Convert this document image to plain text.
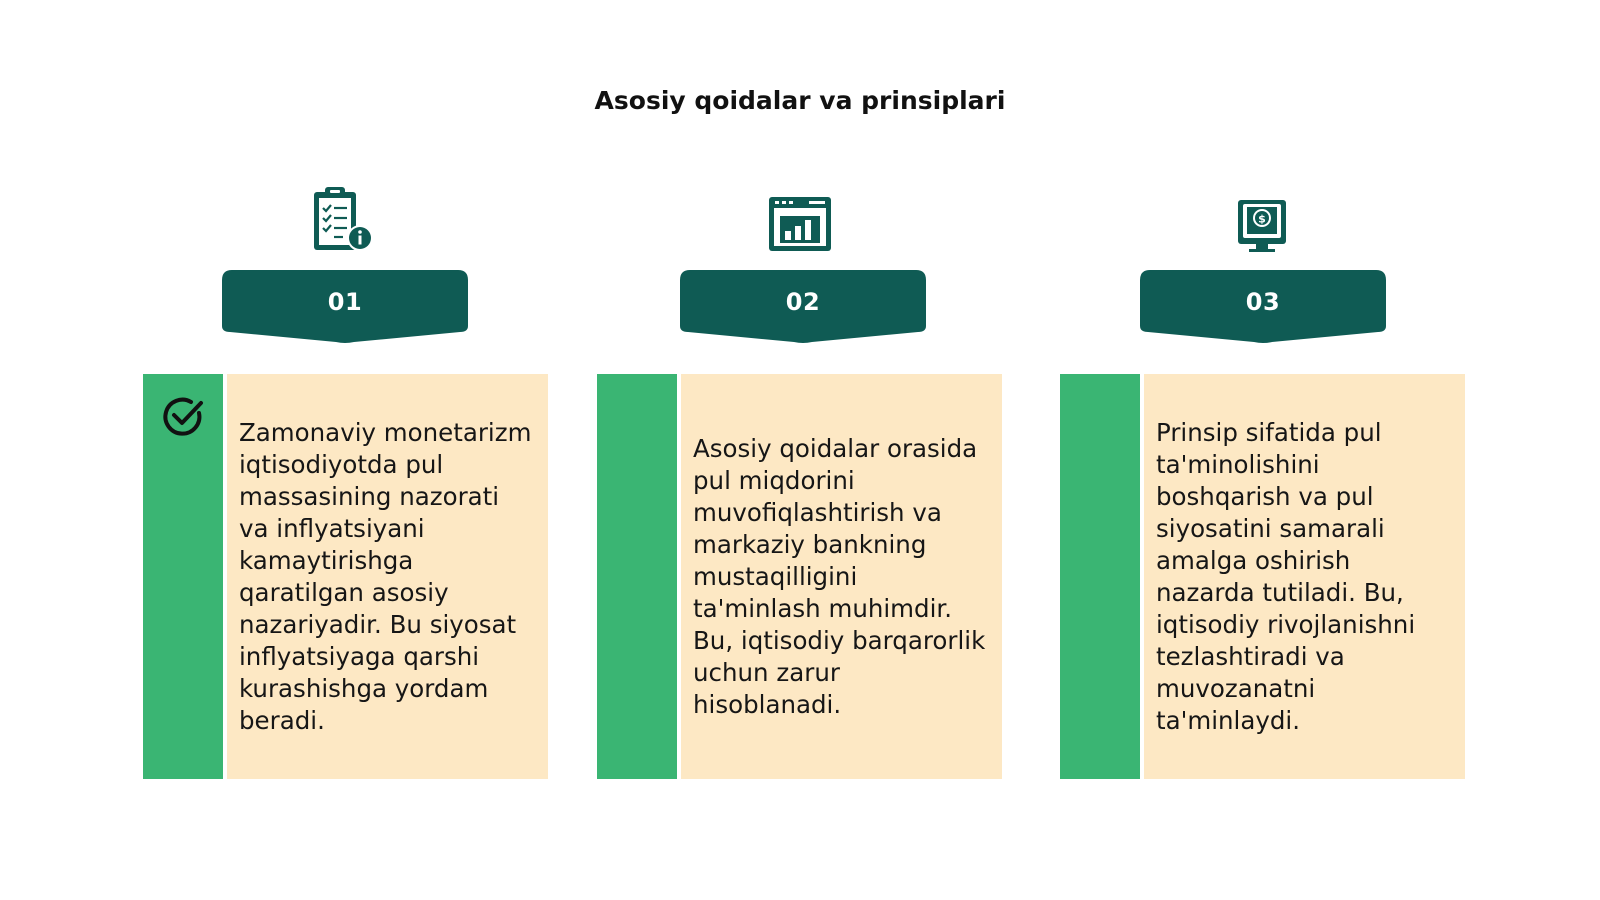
Asosiy qoidalar va prinsiplari
01

Zamonaviy monetarizm iqtisodiyotda pul massasining nazorati va inflyatsiyani kamaytirishga qaratilgan asosiy nazariyadir. Bu siyosat inflyatsiyaga qarshi kurashishga yordam beradi.

02

Asosiy qoidalar orasida pul miqdorini muvofiqlashtirish va markaziy bankning mustaqilligini ta'minlash muhimdir. Bu, iqtisodiy barqarorlik uchun zarur hisoblanadi.

$
03

Prinsip sifatida pul ta'minolishini boshqarish va pul siyosatini samarali amalga oshirish nazarda tutiladi. Bu, iqtisodiy rivojlanishni tezlashtiradi va muvozanatni ta'minlaydi.
